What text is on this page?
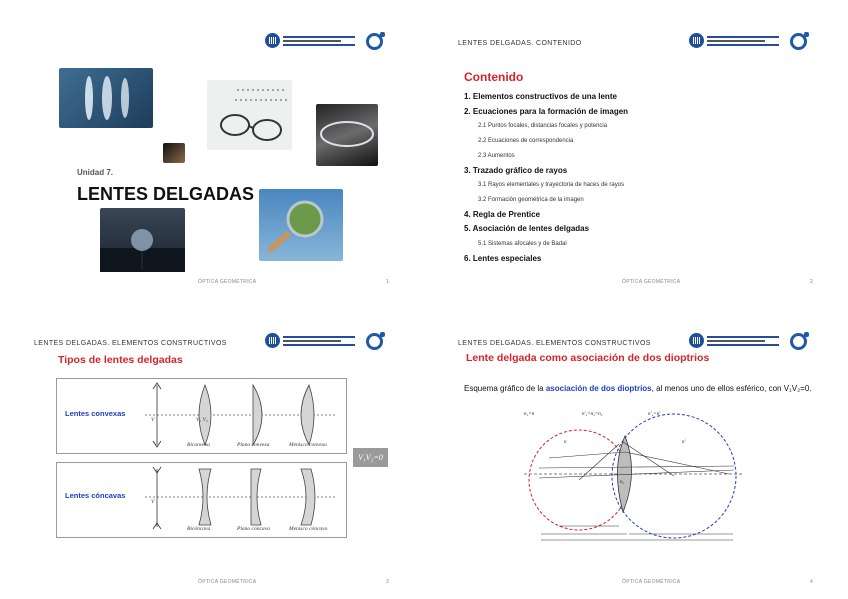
Unidad 7.
LENTES DELGADAS
ÓPTICA GEOMÉTRICA	1
LENTES DELGADAS. CONTENIDO
Contenido
1. Elementos constructivos de una lente
2. Ecuaciones para la formación de imagen
2.1 Puntos focales, distancias focales y potencia
2.2 Ecuaciones de correspondencia
2.3 Aumentos
3. Trazado gráfico de rayos
3.1 Rayos elementales y trayectoria de haces de rayos
3.2 Formación geométrica de la imagen
4. Regla de Prentice
5. Asociación de lentes delgadas
5.1 Sistemas afocales y de Badal
6. Lentes especiales
ÓPTICA GEOMÉTRICA	2
LENTES DELGADAS. ELEMENTOS CONSTRUCTIVOS
Tipos de lentes delgadas
Lentes convexas
V	V₁ V₂
Biconvexa	Plano convexa	Menisco convexo
V₁V₂=0
Lentes cóncavas
V
Bicóncava	Plano cóncava	Menisco cóncavo
ÓPTICA GEOMÉTRICA	3
LENTES DELGADAS. ELEMENTOS CONSTRUCTIVOS
Lente delgada como asociación de dos dioptrios
Esquema gráfico de la asociación de dos dioptrios, al menos uno de ellos esférico, con V₁V₂=0.
n₁=n	n'₁=n₂=n₂	n'₂=n'
n	n'
n₂
ÓPTICA GEOMÉTRICA	4
